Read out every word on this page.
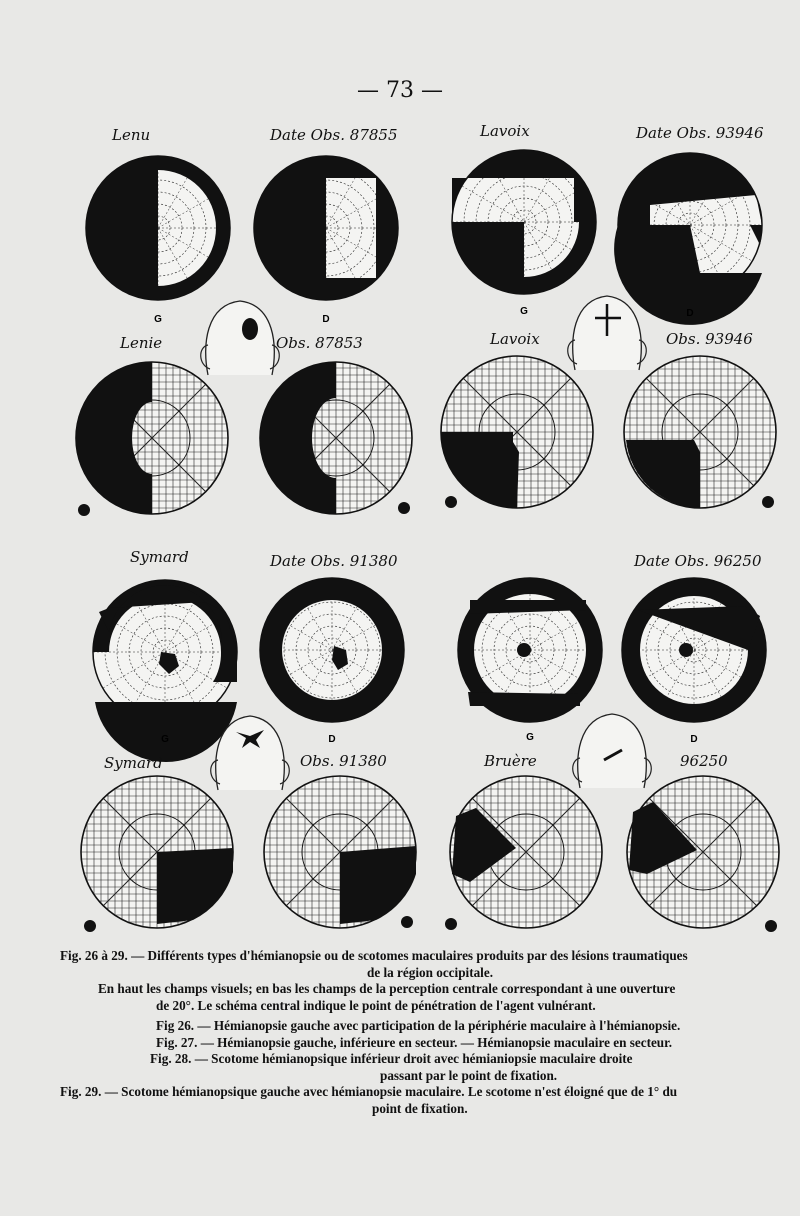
— 73 —
G	D
G	D
G	D	G	D
Lenu	Date Obs. 87855	Lavoix	Date Obs. 93946
Lenie	Obs. 87853	Lavoix	Obs. 93946
Symard	Date Obs. 91380	Date Obs. 96250
Symard	Obs. 91380	Bruère	96250

Fig. 26 à 29. — Différents types d'hémianopsie ou de scotomes maculaires produits par des lésions traumatiques

de la région occipitale.

En haut les champs visuels; en bas les champs de la perception centrale correspondant à une ouverture

de 20°. Le schéma central indique le point de pénétration de l'agent vulnérant.

Fig 26. — Hémianopsie gauche avec participation de la périphérie maculaire à l'hémianopsie.

Fig. 27. — Hémianopsie gauche, inférieure en secteur. — Hémianopsie maculaire en secteur.

Fig. 28. — Scotome hémianopsique inférieur droit avec hémianiopsie maculaire droite

passant par le point de fixation.

Fig. 29. — Scotome hémianopsique gauche avec hémianopsie maculaire. Le scotome n'est éloigné que de 1° du

point de fixation.
